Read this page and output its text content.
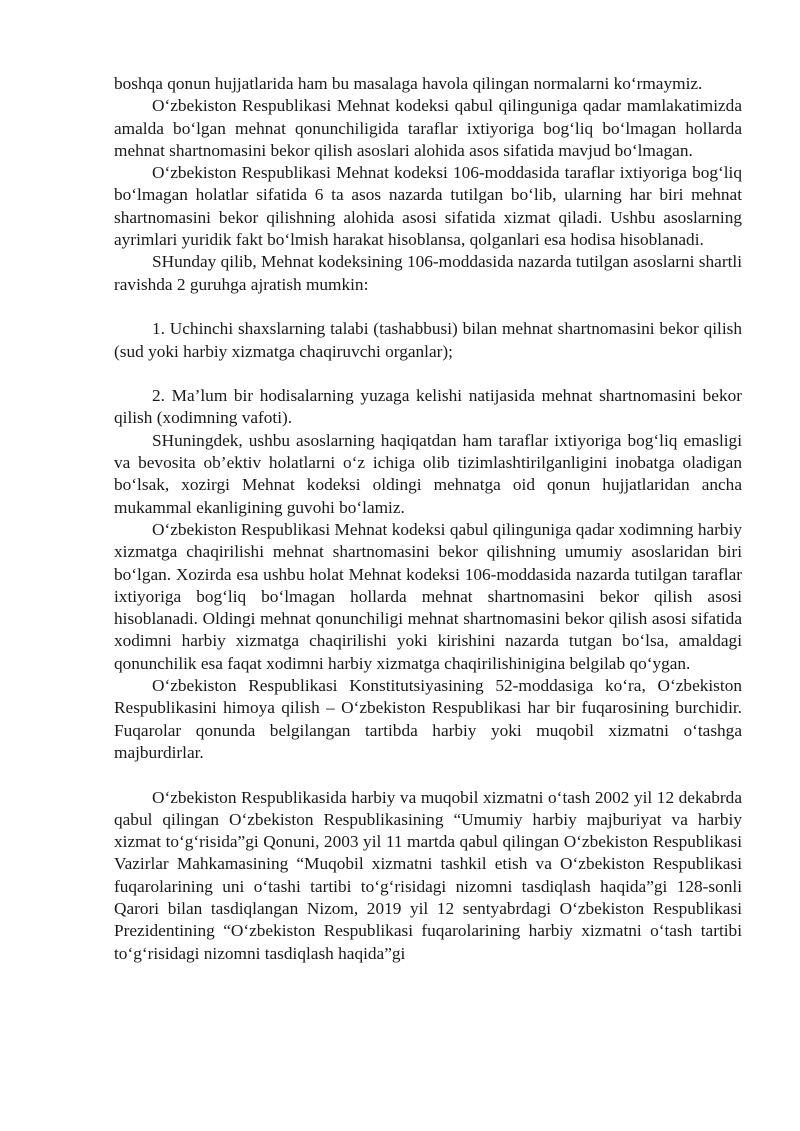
boshqa qonun hujjatlarida ham bu masalaga havola qilingan normalarni ko‘rmaymiz.

O‘zbekiston Respublikasi Mehnat kodeksi qabul qilinguniga qadar mamlakatimizda amalda bo‘lgan mehnat qonunchiligida taraflar ixtiyoriga bog‘liq bo‘lmagan hollarda mehnat shartnomasini bekor qilish asoslari alohida asos sifatida mavjud bo‘lmagan.

O‘zbekiston Respublikasi Mehnat kodeksi 106-moddasida taraflar ixtiyoriga bog‘liq bo‘lmagan holatlar sifatida 6 ta asos nazarda tutilgan bo‘lib, ularning har biri mehnat shartnomasini bekor qilishning alohida asosi sifatida xizmat qiladi. Ushbu asoslarning ayrimlari yuridik fakt bo‘lmish harakat hisoblansa, qolganlari esa hodisa hisoblanadi.

SHunday qilib, Mehnat kodeksining 106-moddasida nazarda tutilgan asoslarni shartli ravishda 2 guruhga ajratish mumkin:

1. Uchinchi shaxslarning talabi (tashabbusi) bilan mehnat shartnomasini bekor qilish (sud yoki harbiy xizmatga chaqiruvchi organlar);

2. Ma’lum bir hodisalarning yuzaga kelishi natijasida mehnat shartnomasini bekor qilish (xodimning vafoti).

SHuningdek, ushbu asoslarning haqiqatdan ham taraflar ixtiyoriga bog‘liq emasligi va bevosita ob’ektiv holatlarni o‘z ichiga olib tizimlashtirilganligini inobatga oladigan bo‘lsak, xozirgi Mehnat kodeksi oldingi mehnatga oid qonun hujjatlaridan ancha mukammal ekanligining guvohi bo‘lamiz.

O‘zbekiston Respublikasi Mehnat kodeksi qabul qilinguniga qadar xodimning harbiy xizmatga chaqirilishi mehnat shartnomasini bekor qilishning umumiy asoslaridan biri bo‘lgan. Xozirda esa ushbu holat Mehnat kodeksi 106-moddasida nazarda tutilgan taraflar ixtiyoriga bog‘liq bo‘lmagan hollarda mehnat shartnomasini bekor qilish asosi hisoblanadi. Oldingi mehnat qonunchiligi mehnat shartnomasini bekor qilish asosi sifatida xodimni harbiy xizmatga chaqirilishi yoki kirishini nazarda tutgan bo‘lsa, amaldagi qonunchilik esa faqat xodimni harbiy xizmatga chaqirilishinigina belgilab qo‘ygan.

O‘zbekiston Respublikasi Konstitutsiyasining 52-moddasiga ko‘ra, O‘zbekiston Respublikasini himoya qilish – O‘zbekiston Respublikasi har bir fuqarosining burchidir. Fuqarolar qonunda belgilangan tartibda harbiy yoki muqobil xizmatni o‘tashga majburdirlar.

O‘zbekiston Respublikasida harbiy va muqobil xizmatni o‘tash 2002 yil 12 dekabrda qabul qilingan O‘zbekiston Respublikasining “Umumiy harbiy majburiyat va harbiy xizmat to‘g‘risida”gi Qonuni, 2003 yil 11 martda qabul qilingan O‘zbekiston Respublikasi Vazirlar Mahkamasining “Muqobil xizmatni tashkil etish va O‘zbekiston Respublikasi fuqarolarining uni o‘tashi tartibi to‘g‘risidagi nizomni tasdiqlash haqida”gi 128-sonli Qarori bilan tasdiqlangan Nizom, 2019 yil 12 sentyabrdagi O‘zbekiston Respublikasi Prezidentining “O‘zbekiston Respublikasi fuqarolarining harbiy xizmatni o‘tash tartibi to‘g‘risidagi nizomni tasdiqlash haqida”gi
